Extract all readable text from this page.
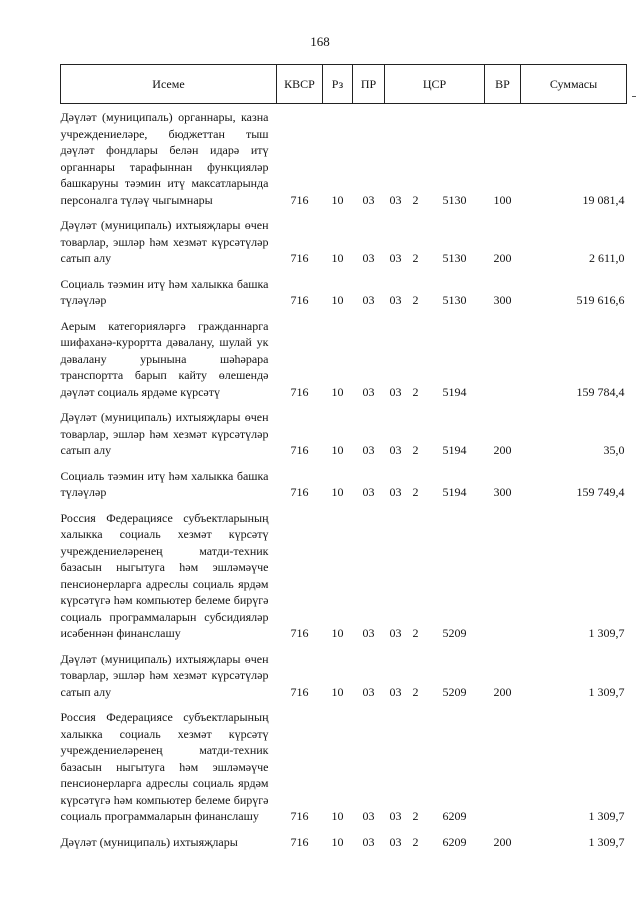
168
Исеме	КВСР	Рз	ПР	ЦСР			ВР	Суммасы
Дәүләт (муниципаль) органнары, казна учреждениеләре, бюджеттан тыш дәүләт фондлары белән идарә итү органнары тарафыннан функцияләр башкаруны тәэмин итү максатларында персоналга түләү чыгымнары	716	10	03	03	2	5130	100	19 081,4
Дәүләт (муниципаль) ихтыяҗлары өчен товарлар, эшләр һәм хезмәт күрсәтүләр сатып алу	716	10	03	03	2	5130	200	2 611,0
Социаль тәэмин итү һәм халыкка башка түләүләр	716	10	03	03	2	5130	300	519 616,6
Аерым категорияләргә гражданнарга шифаханә-курортта дәвалану, шулай ук дәвалану урынына шәһәрара транспортта барып кайту өлешендә дәүләт социаль ярдәме күрсәтү	716	10	03	03	2	5194		159 784,4
Дәүләт (муниципаль) ихтыяҗлары өчен товарлар, эшләр һәм хезмәт күрсәтүләр сатып алу	716	10	03	03	2	5194	200	35,0
Социаль тәэмин итү һәм халыкка башка түләүләр	716	10	03	03	2	5194	300	159 749,4
Россия Федерациясе субъектларының халыкка социаль хезмәт күрсәтү учреждениеләренең матди-техник базасын ныгытуга һәм эшләмәүче пенсионерларга адреслы социаль ярдәм күрсәтүгә һәм компьютер белеме бирүгә социаль программаларын субсидияләр исәбеннән финанслашу	716	10	03	03	2	5209		1 309,7
Дәүләт (муниципаль) ихтыяҗлары өчен товарлар, эшләр һәм хезмәт күрсәтүләр сатып алу	716	10	03	03	2	5209	200	1 309,7
Россия Федерациясе субъектларының халыкка социаль хезмәт күрсәтү учреждениеләренең матди-техник базасын ныгытуга һәм эшләмәүче пенсионерларга адреслы социаль ярдәм күрсәтүгә һәм компьютер белеме бирүгә социаль программаларын финанслашу	716	10	03	03	2	6209		1 309,7
Дәүләт (муниципаль) ихтыяҗлары	716	10	03	03	2	6209	200	1 309,7
